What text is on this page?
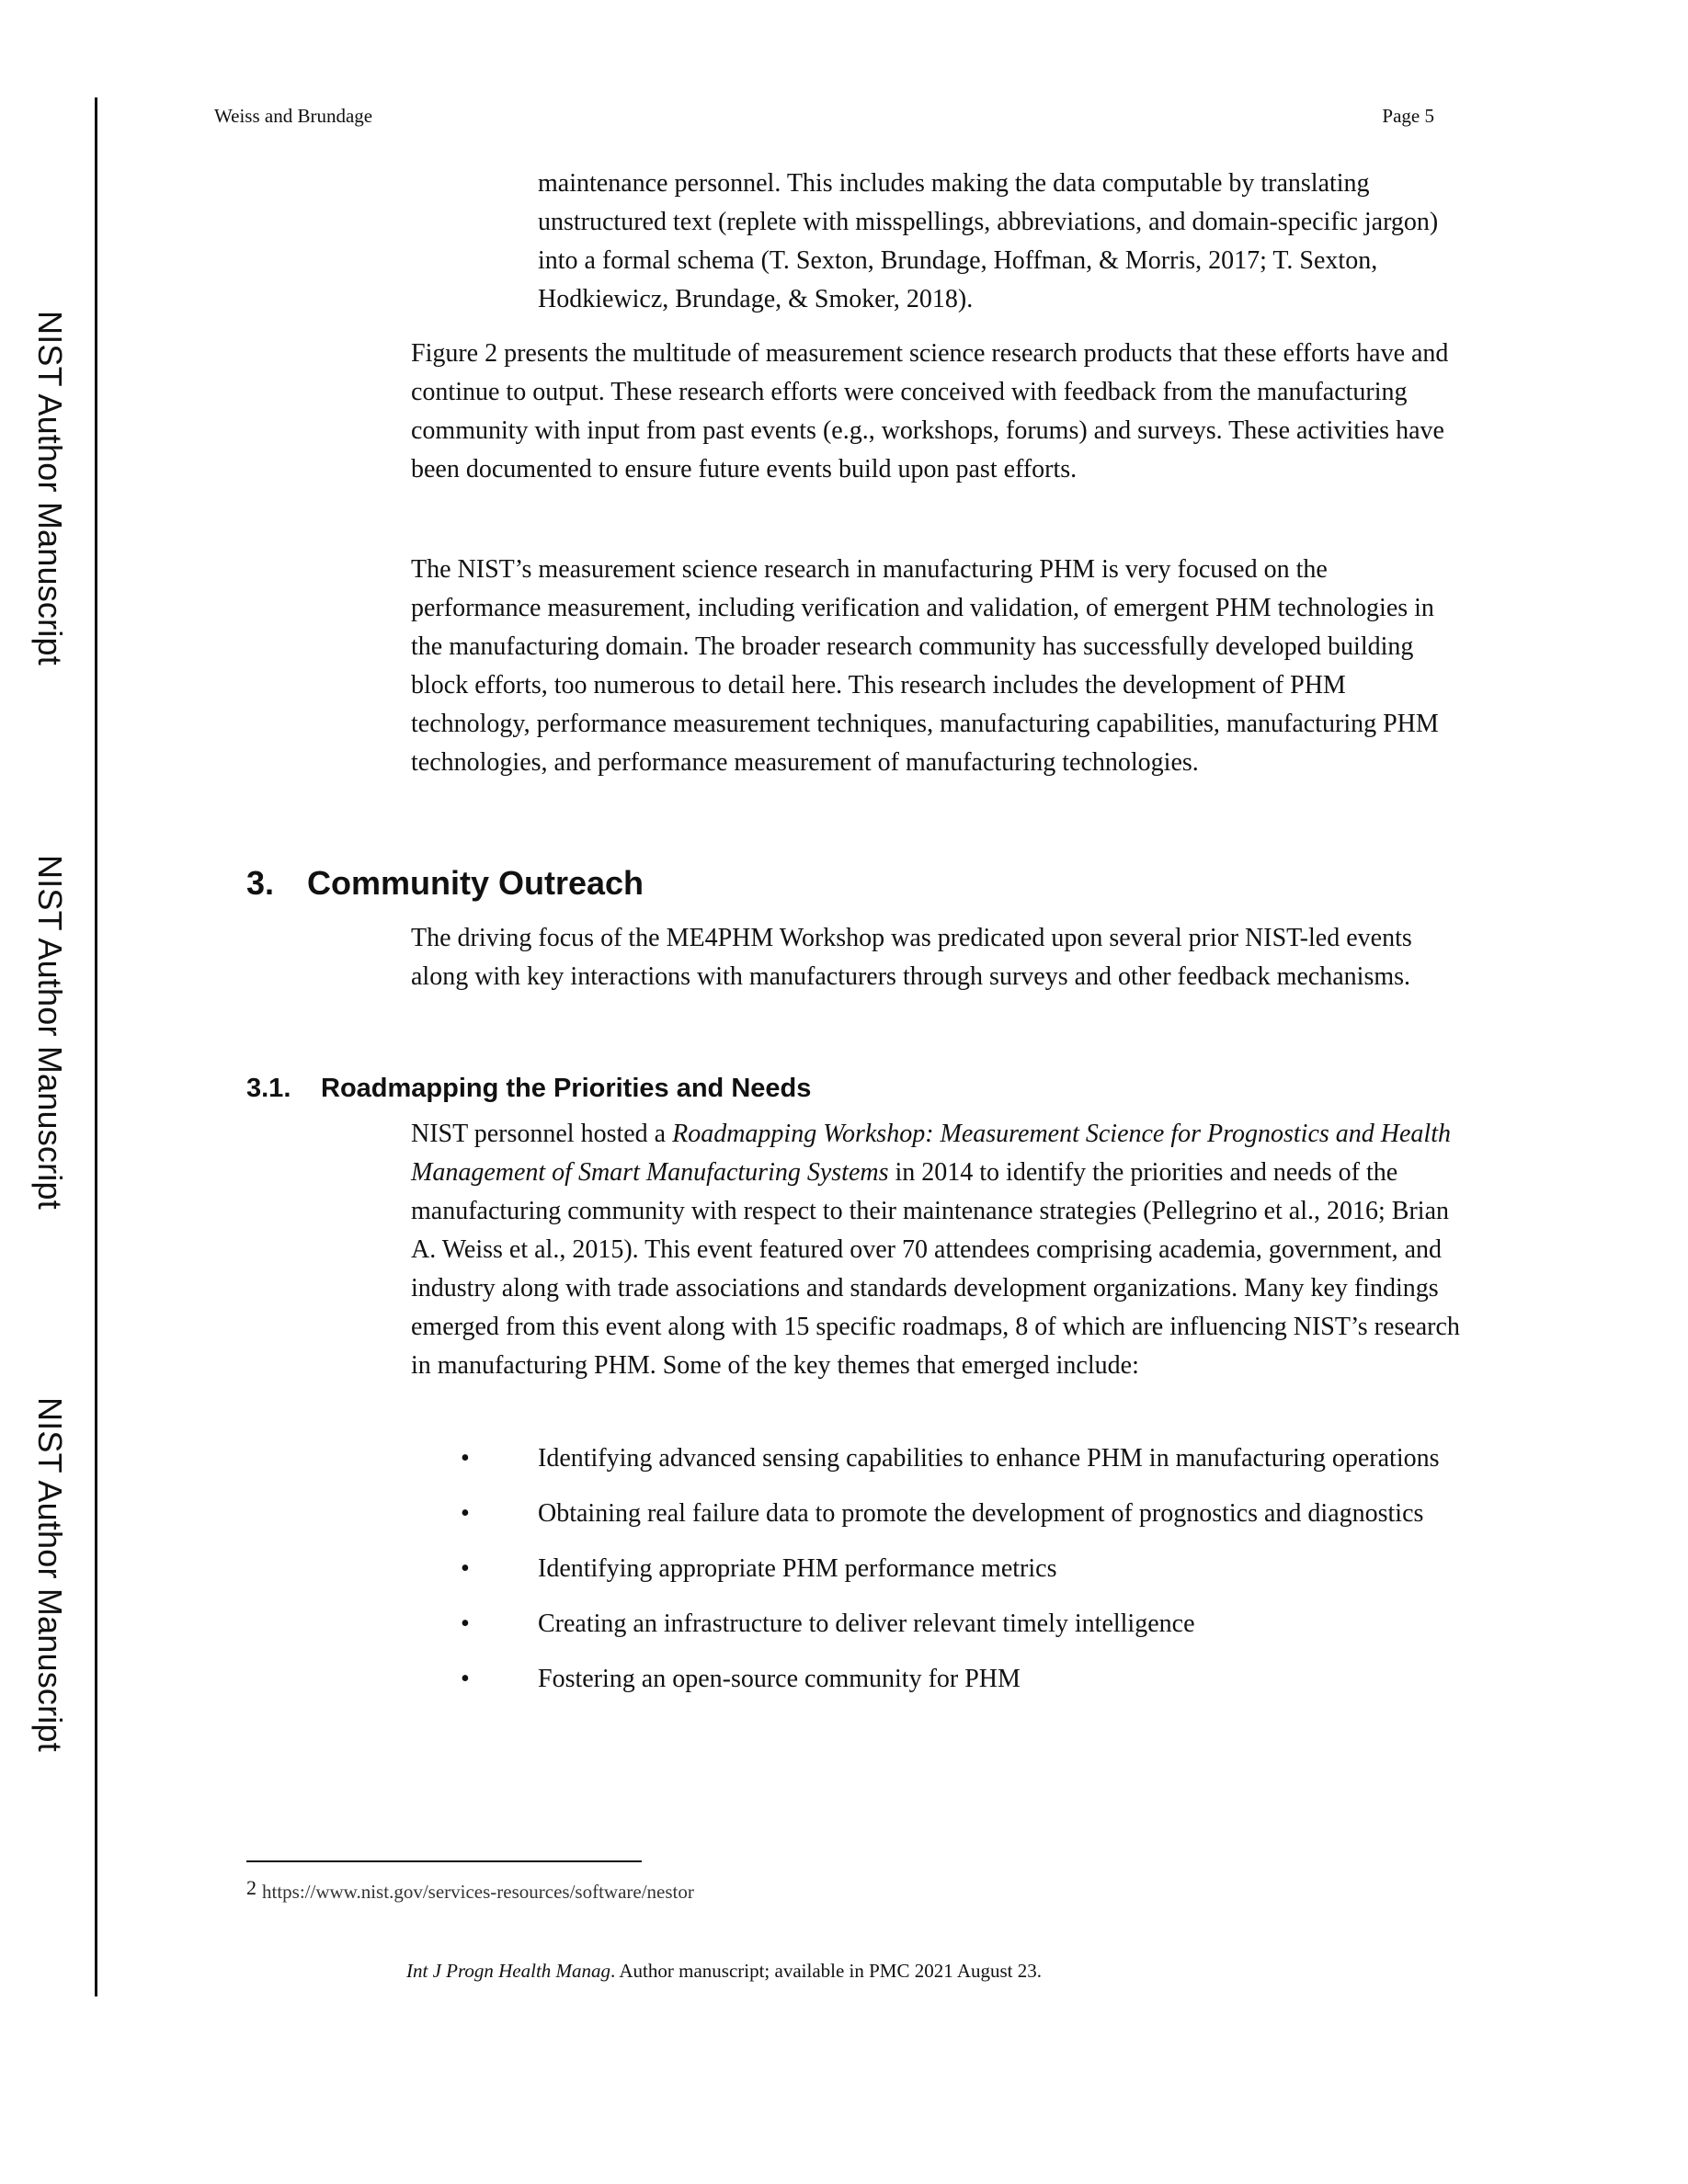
NIST Author Manuscript
NIST Author Manuscript
NIST Author Manuscript
Weiss and Brundage	Page 5

maintenance personnel. This includes making the data computable by translating unstructured text (replete with misspellings, abbreviations, and domain-specific jargon) into a formal schema (T. Sexton, Brundage, Hoffman, & Morris, 2017; T. Sexton, Hodkiewicz, Brundage, & Smoker, 2018).

Figure 2 presents the multitude of measurement science research products that these efforts have and continue to output. These research efforts were conceived with feedback from the manufacturing community with input from past events (e.g., workshops, forums) and surveys. These activities have been documented to ensure future events build upon past efforts.

The NIST’s measurement science research in manufacturing PHM is very focused on the performance measurement, including verification and validation, of emergent PHM technologies in the manufacturing domain. The broader research community has successfully developed building block efforts, too numerous to detail here. This research includes the development of PHM technology, performance measurement techniques, manufacturing capabilities, manufacturing PHM technologies, and performance measurement of manufacturing technologies.

3. Community Outreach

The driving focus of the ME4PHM Workshop was predicated upon several prior NIST-led events along with key interactions with manufacturers through surveys and other feedback mechanisms.

3.1. Roadmapping the Priorities and Needs

NIST personnel hosted a Roadmapping Workshop: Measurement Science for Prognostics and Health Management of Smart Manufacturing Systems in 2014 to identify the priorities and needs of the manufacturing community with respect to their maintenance strategies (Pellegrino et al., 2016; Brian A. Weiss et al., 2015). This event featured over 70 attendees comprising academia, government, and industry along with trade associations and standards development organizations. Many key findings emerged from this event along with 15 specific roadmaps, 8 of which are influencing NIST’s research in manufacturing PHM. Some of the key themes that emerged include:

•	Identifying advanced sensing capabilities to enhance PHM in manufacturing operations
•	Obtaining real failure data to promote the development of prognostics and diagnostics
•	Identifying appropriate PHM performance metrics
•	Creating an infrastructure to deliver relevant timely intelligence
•	Fostering an open-source community for PHM
2 https://www.nist.gov/services-resources/software/nestor
Int J Progn Health Manag. Author manuscript; available in PMC 2021 August 23.
